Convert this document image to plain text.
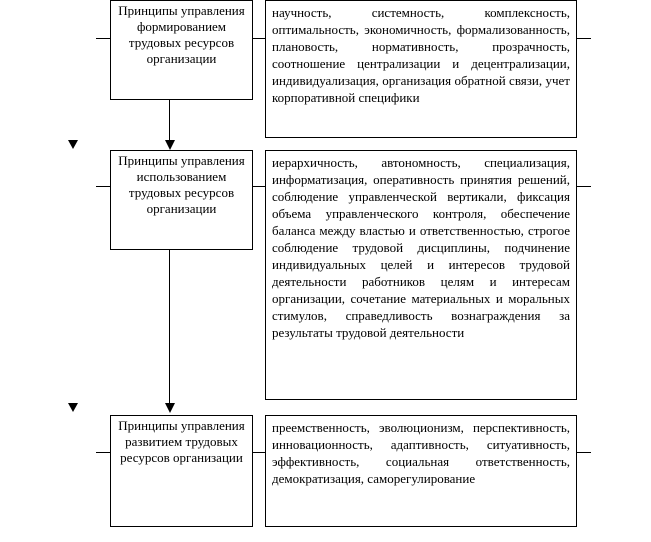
Принципы управления формированием трудовых ресурсов организации
научность, системность, комплексность, оптимальность, экономичность, формализованность, плановость, нормативность, прозрачность, соотношение централизации и децентрализации, индивидуализация, организация обратной связи, учет корпоративной специфики
Принципы управления использованием трудовых ресурсов организации
иерархичность, автономность, специализация, информатизация, оперативность принятия решений, соблюдение управленческой вертикали, фиксация объема управленческого контроля, обеспечение баланса между властью и ответственностью, строгое соблюдение трудовой дисциплины, подчинение индивидуальных целей и интересов трудовой деятельности работников целям и интересам организации, сочетание материальных и моральных стимулов, справедливость вознаграждения за результаты трудовой деятельности
Принципы управления развитием трудовых ресурсов организации
преемственность, эволюционизм, перспективность, инновационность, адаптивность, ситуативность, эффективность, социальная ответственность, демократизация, саморегулирование
